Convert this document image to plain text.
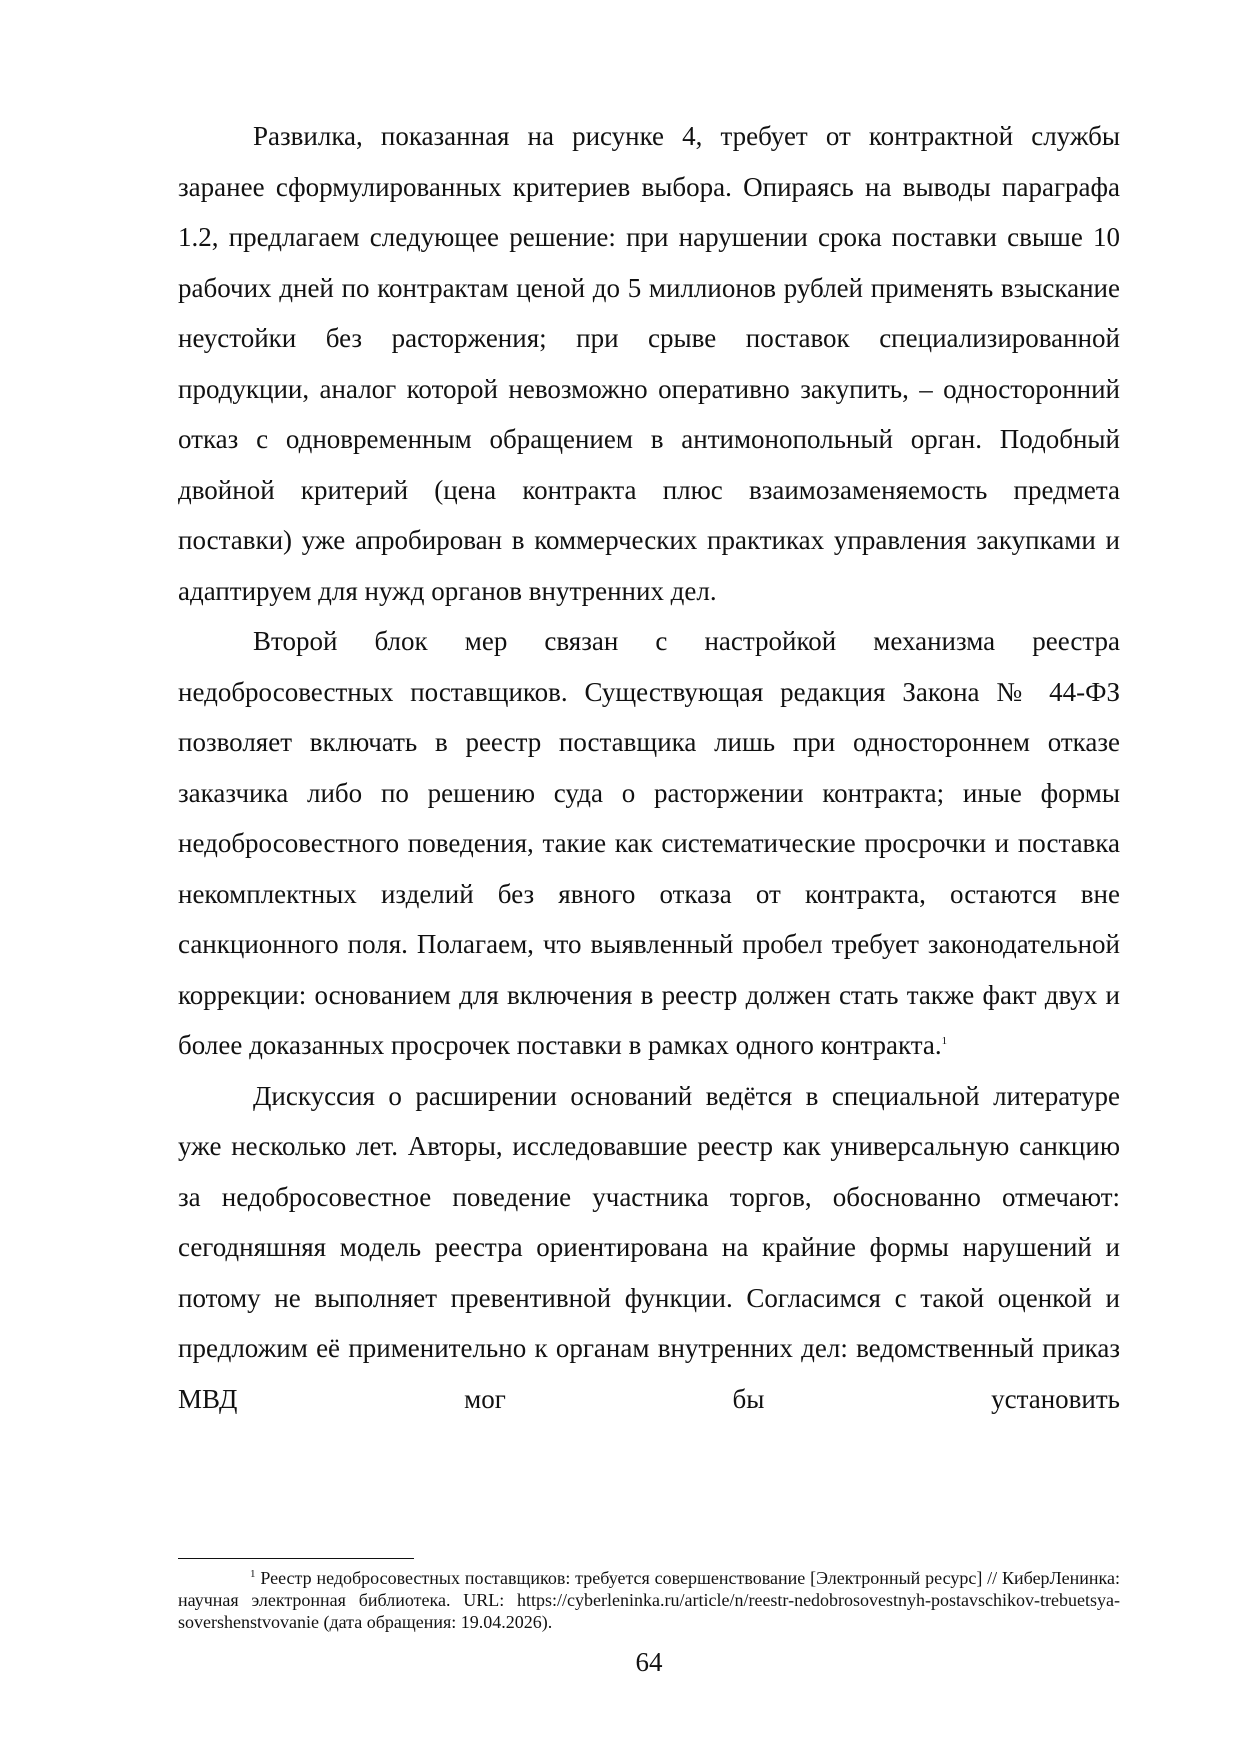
Развилка, показанная на рисунке 4, требует от контрактной службы заранее сформулированных критериев выбора. Опираясь на выводы параграфа 1.2, предлагаем следующее решение: при нарушении срока поставки свыше 10 рабочих дней по контрактам ценой до 5 миллионов рублей применять взыскание неустойки без расторжения; при срыве поставок специализированной продукции, аналог которой невозможно оперативно закупить, – односторонний отказ с одновременным обращением в антимонопольный орган. Подобный двойной критерий (цена контракта плюс взаимозаменяемость предмета поставки) уже апробирован в коммерческих практиках управления закупками и адаптируем для нужд органов внутренних дел.

Второй блок мер связан с настройкой механизма реестра недобросовестных поставщиков. Существующая редакция Закона № 44-ФЗ позволяет включать в реестр поставщика лишь при одностороннем отказе заказчика либо по решению суда о расторжении контракта; иные формы недобросовестного поведения, такие как систематические просрочки и поставка некомплектных изделий без явного отказа от контракта, остаются вне санкционного поля. Полагаем, что выявленный пробел требует законодательной коррекции: основанием для включения в реестр должен стать также факт двух и более доказанных просрочек поставки в рамках одного контракта.$^1$

Дискуссия о расширении оснований ведётся в специальной литературе уже несколько лет. Авторы, исследовавшие реестр как универсальную санкцию за недобросовестное поведение участника торгов, обоснованно отмечают: сегодняшняя модель реестра ориентирована на крайние формы нарушений и потому не выполняет превентивной функции. Согласимся с такой оценкой и предложим её применительно к органам внутренних дел: ведомственный приказ МВД мог бы установить

$^1$ Реестр недобросовестных поставщиков: требуется совершенствование [Электронный ресурс] // КиберЛенинка: научная электронная библиотека. URL: https://cyberleninka.ru/article/n/reestr-nedobrosovestnyh-postavschikov-trebuetsya-sovershenstvovanie (дата обращения: 19.04.2026).

64
